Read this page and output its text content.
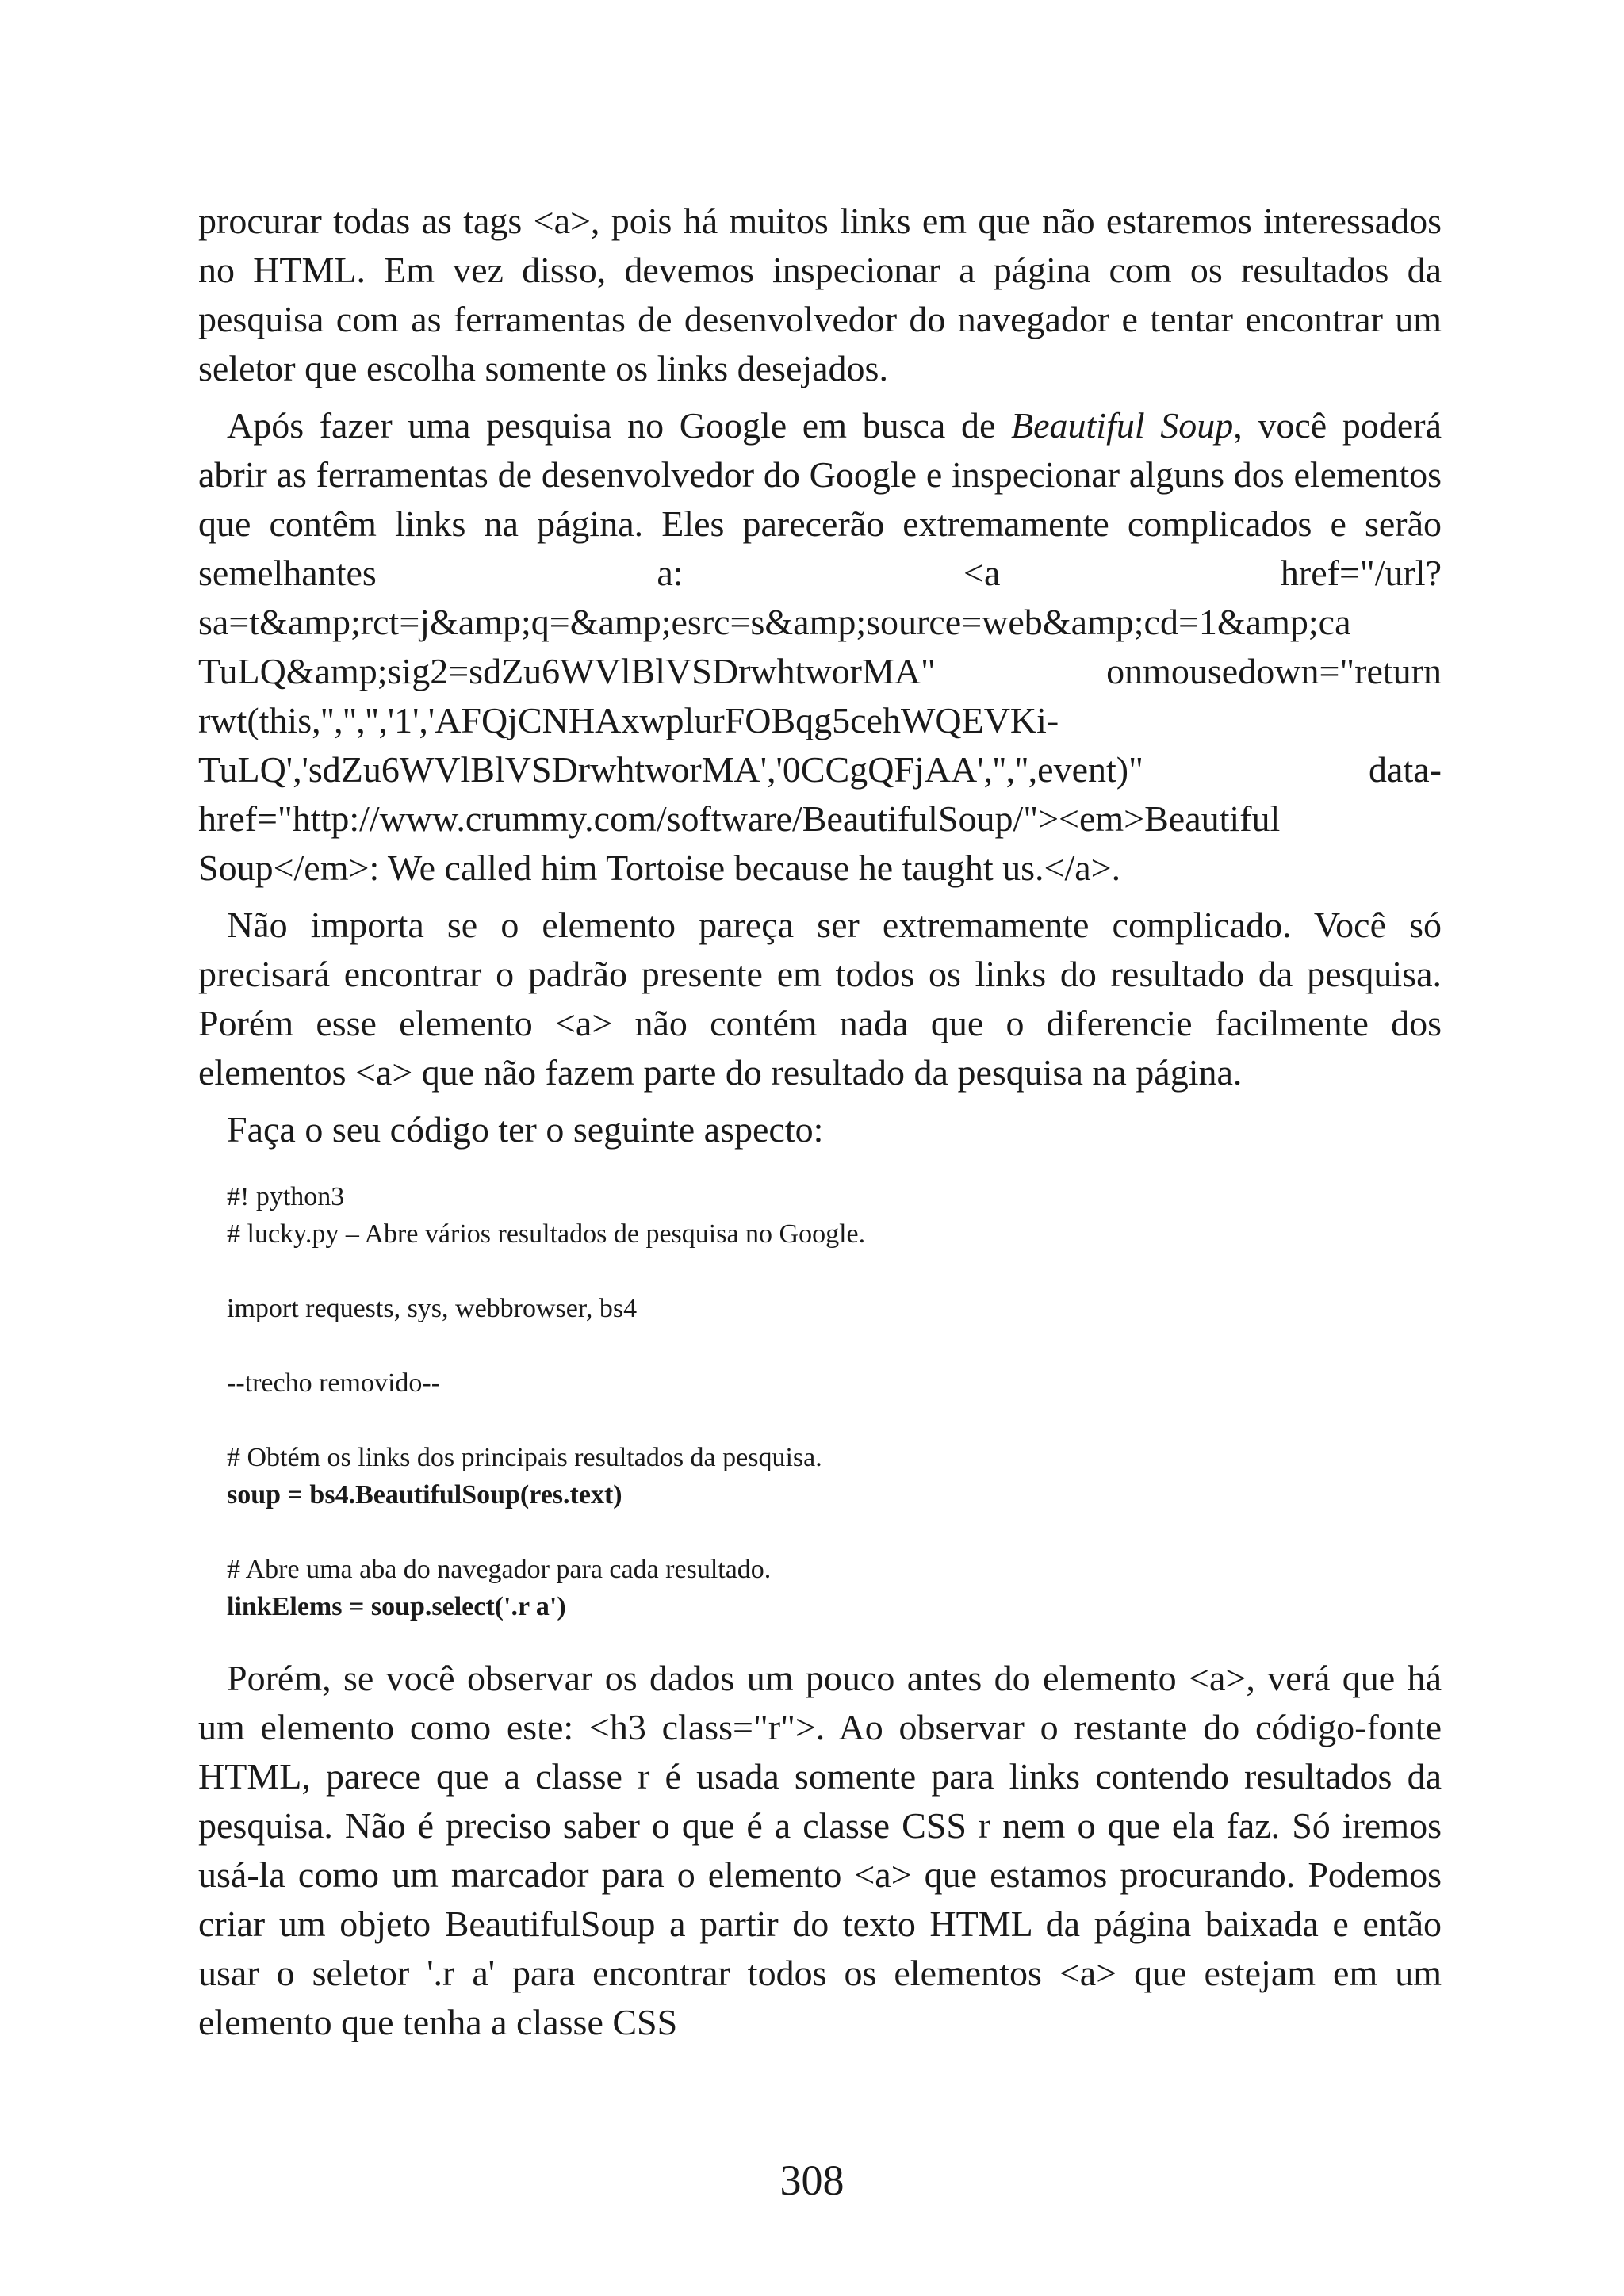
procurar todas as tags <a>, pois há muitos links em que não estaremos interessados no HTML. Em vez disso, devemos inspecionar a página com os resultados da pesquisa com as ferramentas de desenvolvedor do navegador e tentar encontrar um seletor que escolha somente os links desejados.

Após fazer uma pesquisa no Google em busca de Beautiful Soup, você poderá abrir as ferramentas de desenvolvedor do Google e inspecionar alguns dos elementos que contêm links na página. Eles parecerão extremamente complicados e serão semelhantes a: <a href="/url?sa=t&amp;rct=j&amp;q=&amp;esrc=s&amp;source=web&amp;cd=1&amp;ca TuLQ&amp;sig2=sdZu6WVlBlVSDrwhtworMA" onmousedown="return rwt(this,'','','','1','AFQjCNHAxwplurFOBqg5cehWQEVKi-TuLQ','sdZu6WVlBlVSDrwhtworMA','0CCgQFjAA','','',event)" data-href="http://www.crummy.com/software/BeautifulSoup/"><em>Beautiful Soup</em>: We called him Tortoise because he taught us.</a>.

Não importa se o elemento pareça ser extremamente complicado. Você só precisará encontrar o padrão presente em todos os links do resultado da pesquisa. Porém esse elemento <a> não contém nada que o diferencie facilmente dos elementos <a> que não fazem parte do resultado da pesquisa na página.

Faça o seu código ter o seguinte aspecto:

#! python3
# lucky.py – Abre vários resultados de pesquisa no Google.
import requests, sys, webbrowser, bs4
--trecho removido--
# Obtém os links dos principais resultados da pesquisa.
soup = bs4.BeautifulSoup(res.text)
# Abre uma aba do navegador para cada resultado.
linkElems = soup.select('.r a')

Porém, se você observar os dados um pouco antes do elemento <a>, verá que há um elemento como este: <h3 class="r">. Ao observar o restante do código-fonte HTML, parece que a classe r é usada somente para links contendo resultados da pesquisa. Não é preciso saber o que é a classe CSS r nem o que ela faz. Só iremos usá-la como um marcador para o elemento <a> que estamos procurando. Podemos criar um objeto BeautifulSoup a partir do texto HTML da página baixada e então usar o seletor '.r a' para encontrar todos os elementos <a> que estejam em um elemento que tenha a classe CSS

308
